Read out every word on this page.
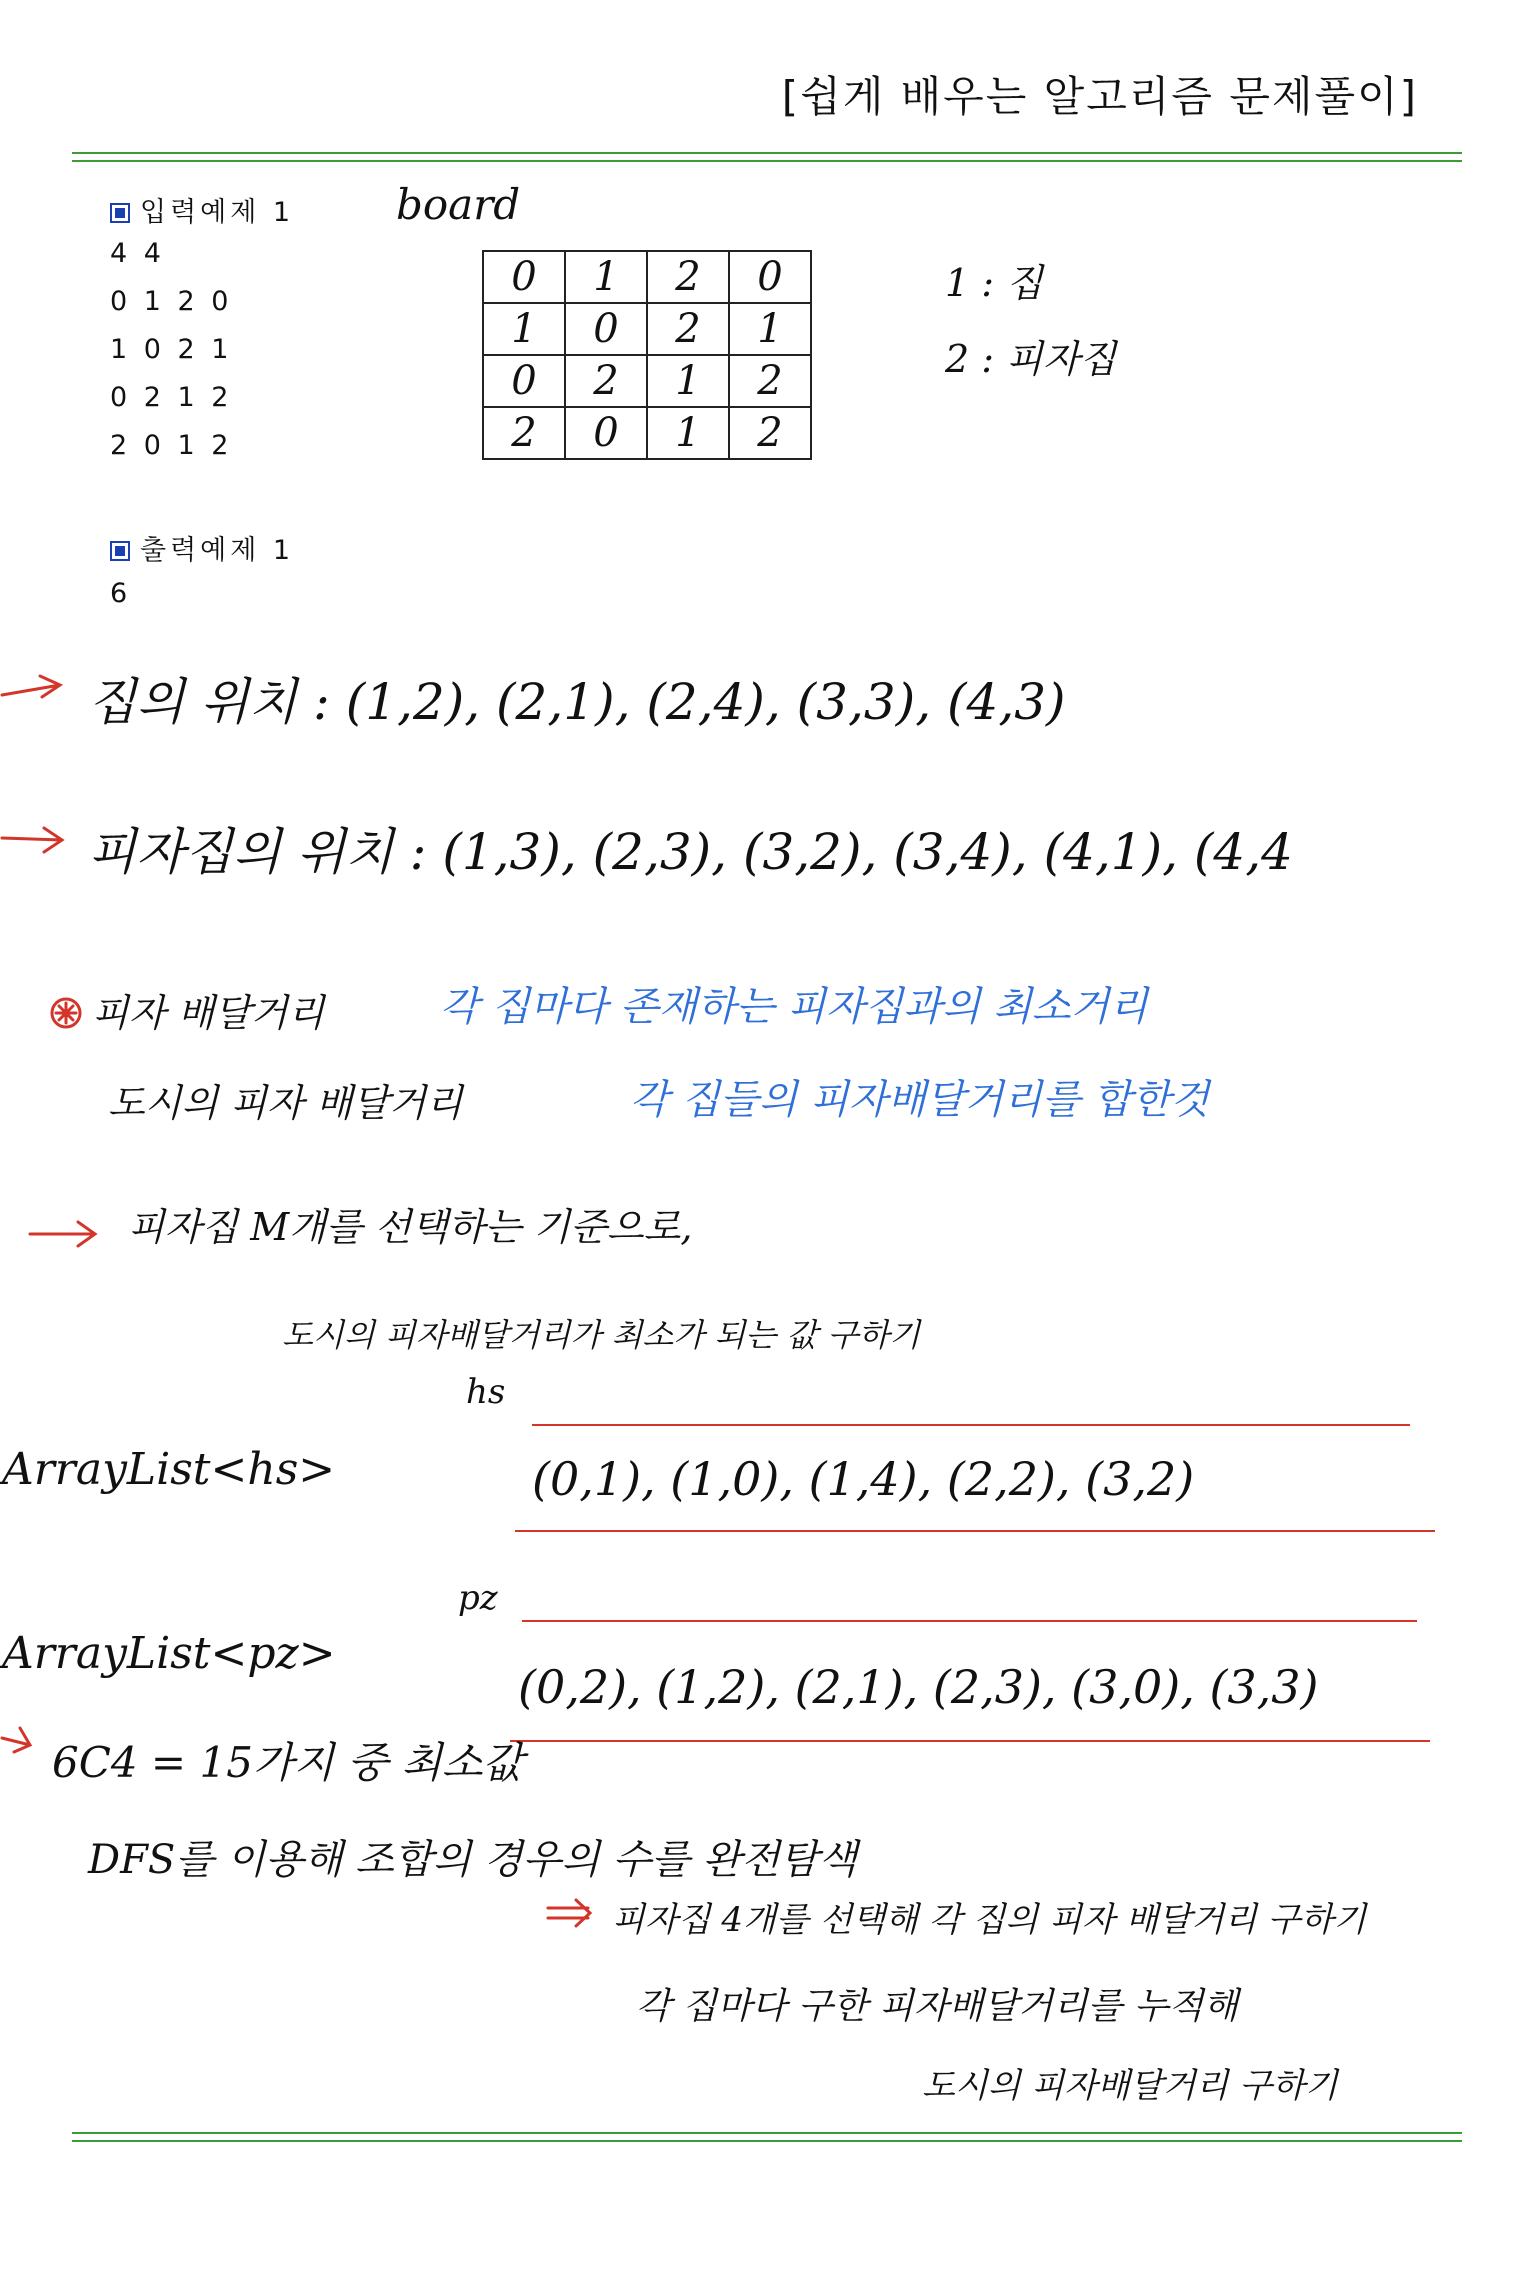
[쉽게 배우는 알고리즘 문제풀이]
입력예제 1
4 4
0 1 2 0
1 0 2 1
0 2 1 2
2 0 1 2
출력예제 1
6
board
0	1	2	0
1	0	2	1
0	2	1	2
2	0	1	2
1 : 집
2 : 피자집
집의 위치 : (1,2), (2,1), (2,4), (3,3), (4,3)
피자집의 위치 : (1,3), (2,3), (3,2), (3,4), (4,1), (4,4
피자 배달거리	각 집마다 존재하는 피자집과의 최소거리
도시의 피자 배달거리	각 집들의 피자배달거리를 합한것
피자집 M개를 선택하는 기준으로,
도시의 피자배달거리가 최소가 되는 값 구하기
hs
ArrayList<hs>	(0,1), (1,0), (1,4), (2,2), (3,2)
pz
ArrayList<pz>
(0,2), (1,2), (2,1), (2,3), (3,0), (3,3)
6C4 = 15가지 중 최소값
DFS를 이용해 조합의 경우의 수를 완전탐색
피자집 4개를 선택해 각 집의 피자 배달거리 구하기
각 집마다 구한 피자배달거리를 누적해
도시의 피자배달거리 구하기
